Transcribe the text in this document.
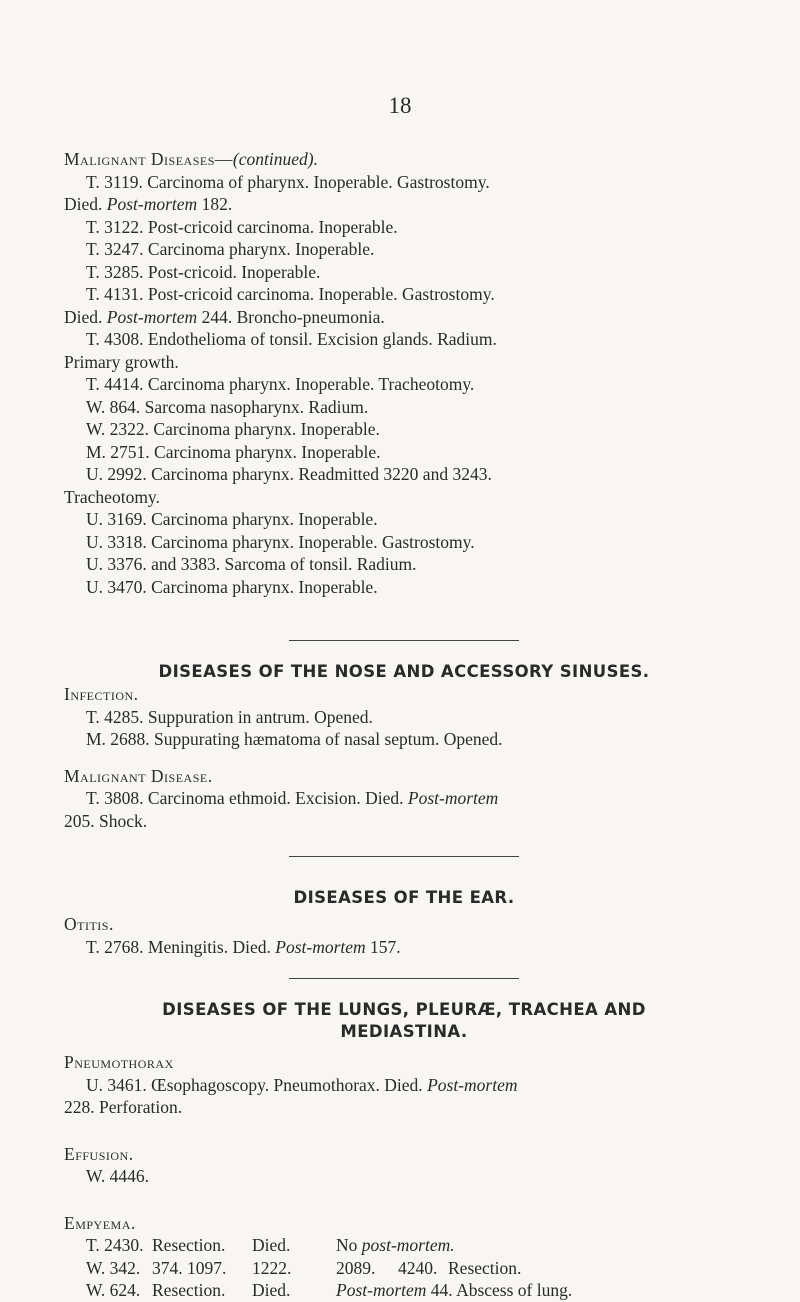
18
Malignant Diseases—(continued).
T. 3119. Carcinoma of pharynx. Inoperable. Gastrostomy.
Died. Post-mortem 182.
T. 3122. Post-cricoid carcinoma. Inoperable.
T. 3247. Carcinoma pharynx. Inoperable.
T. 3285. Post-cricoid. Inoperable.
T. 4131. Post-cricoid carcinoma. Inoperable. Gastrostomy.
Died. Post-mortem 244. Broncho-pneumonia.
T. 4308. Endothelioma of tonsil. Excision glands. Radium.
Primary growth.
T. 4414. Carcinoma pharynx. Inoperable. Tracheotomy.
W. 864. Sarcoma nasopharynx. Radium.
W. 2322. Carcinoma pharynx. Inoperable.
M. 2751. Carcinoma pharynx. Inoperable.
U. 2992. Carcinoma pharynx. Readmitted 3220 and 3243.
Tracheotomy.
U. 3169. Carcinoma pharynx. Inoperable.
U. 3318. Carcinoma pharynx. Inoperable. Gastrostomy.
U. 3376. and 3383. Sarcoma of tonsil. Radium.
U. 3470. Carcinoma pharynx. Inoperable.
DISEASES OF THE NOSE AND ACCESSORY SINUSES.
Infection.
T. 4285. Suppuration in antrum. Opened.
M. 2688. Suppurating hæmatoma of nasal septum. Opened.
Malignant Disease.
T. 3808. Carcinoma ethmoid. Excision. Died. Post-mortem
205. Shock.
DISEASES OF THE EAR.
Otitis.
T. 2768. Meningitis. Died. Post-mortem 157.
DISEASES OF THE LUNGS, PLEURÆ, TRACHEA AND
MEDIASTINA.
Pneumothorax
U. 3461. Œsophagoscopy. Pneumothorax. Died. Post-mortem
228. Perforation.
Effusion.
W. 4446.
Empyema.
T. 2430. Resection.	Died.	No post-mortem.
W. 342. 374. 1097.	1222.	2089.	4240. Resection.
W. 624. Resection.	Died.	Post-mortem 44. Abscess of lung.
